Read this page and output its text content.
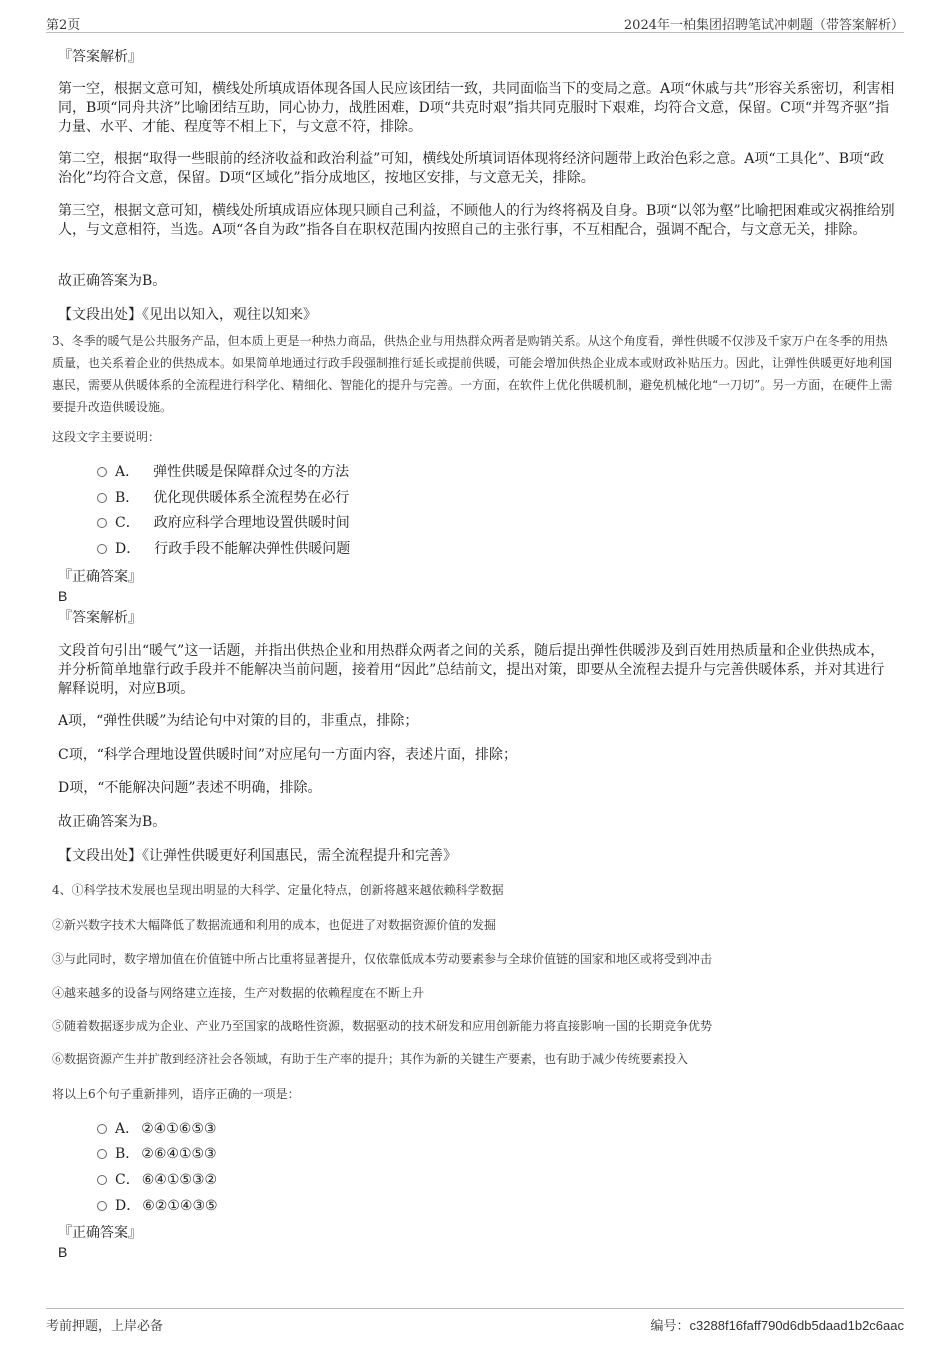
第2页	2024年一柏集团招聘笔试冲刺题（带答案解析）
『答案解析』
第一空，根据文意可知，横线处所填成语体现各国人民应该团结一致，共同面临当下的变局之意。A项“休戚与共”形容关系密切，利害相同，B项“同舟共济”比喻团结互助，同心协力，战胜困难，D项“共克时艰”指共同克服时下艰难，均符合文意，保留。C项“并驾齐驱”指力量、水平、才能、程度等不相上下，与文意不符，排除。
第二空，根据“取得一些眼前的经济收益和政治利益”可知，横线处所填词语体现将经济问题带上政治色彩之意。A项“工具化”、B项“政治化”均符合文意，保留。D项“区域化”指分成地区，按地区安排，与文意无关，排除。
第三空，根据文意可知，横线处所填成语应体现只顾自己利益，不顾他人的行为终将祸及自身。B项“以邻为壑”比喻把困难或灾祸推给别人，与文意相符，当选。A项“各自为政”指各自在职权范围内按照自己的主张行事，不互相配合，强调不配合，与文意无关，排除。
故正确答案为B。
【文段出处】《见出以知入，观往以知来》
3、冬季的暖气是公共服务产品，但本质上更是一种热力商品，供热企业与用热群众两者是购销关系。从这个角度看，弹性供暖不仅涉及千家万户在冬季的用热质量，也关系着企业的供热成本。如果简单地通过行政手段强制推行延长或提前供暖，可能会增加供热企业成本或财政补贴压力。因此，让弹性供暖更好地利国惠民，需要从供暖体系的全流程进行科学化、精细化、智能化的提升与完善。一方面，在软件上优化供暖机制，避免机械化地“一刀切”。另一方面，在硬件上需要提升改造供暖设施。
这段文字主要说明：
A． 弹性供暖是保障群众过冬的方法
B． 优化现供暖体系全流程势在必行
C． 政府应科学合理地设置供暖时间
D． 行政手段不能解决弹性供暖问题
『正确答案』
B
『答案解析』
文段首句引出“暖气”这一话题，并指出供热企业和用热群众两者之间的关系，随后提出弹性供暖涉及到百姓用热质量和企业供热成本，并分析简单地靠行政手段并不能解决当前问题，接着用“因此”总结前文，提出对策，即要从全流程去提升与完善供暖体系，并对其进行解释说明，对应B项。
A项，“弹性供暖”为结论句中对策的目的，非重点，排除；
C项，“科学合理地设置供暖时间”对应尾句一方面内容，表述片面，排除；
D项，“不能解决问题”表述不明确，排除。
故正确答案为B。
【文段出处】《让弹性供暖更好利国惠民，需全流程提升和完善》
4、①科学技术发展也呈现出明显的大科学、定量化特点，创新将越来越依赖科学数据
②新兴数字技术大幅降低了数据流通和利用的成本，也促进了对数据资源价值的发掘
③与此同时，数字增加值在价值链中所占比重将显著提升，仅依靠低成本劳动要素参与全球价值链的国家和地区或将受到冲击
④越来越多的设备与网络建立连接，生产对数据的依赖程度在不断上升
⑤随着数据逐步成为企业、产业乃至国家的战略性资源，数据驱动的技术研发和应用创新能力将直接影响一国的长期竞争优势
⑥数据资源产生并扩散到经济社会各领域，有助于生产率的提升；其作为新的关键生产要素，也有助于减少传统要素投入
将以上6个句子重新排列，语序正确的一项是：
A． ②④①⑥⑤③
B． ②⑥④①⑤③
C． ⑥④①⑤③②
D． ⑥②①④③⑤
『正确答案』
B
考前押题，上岸必备	编号：c3288f16faff790d6db5daad1b2c6aac
